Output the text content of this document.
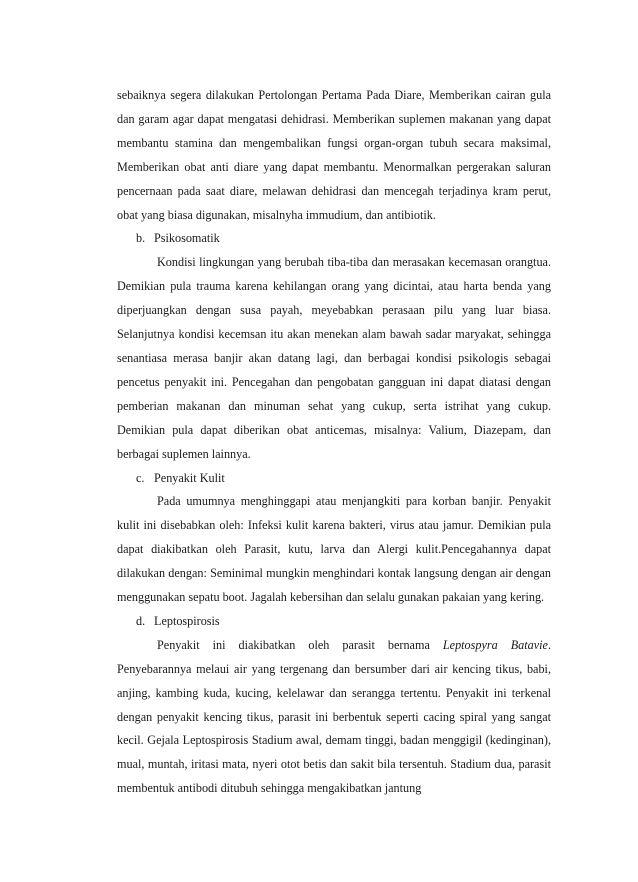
sebaiknya segera dilakukan Pertolongan Pertama Pada Diare, Memberikan cairan gula dan garam agar dapat mengatasi dehidrasi. Memberikan suplemen makanan yang dapat membantu stamina dan mengembalikan fungsi organ-organ tubuh secara maksimal, Memberikan obat anti diare yang dapat membantu. Menormalkan pergerakan saluran pencernaan pada saat diare, melawan dehidrasi dan mencegah terjadinya kram perut, obat yang biasa digunakan, misalnyha immudium, dan antibiotik.

b. Psikosomatik

Kondisi lingkungan yang berubah tiba-tiba dan merasakan kecemasan orangtua. Demikian pula trauma karena kehilangan orang yang dicintai, atau harta benda yang diperjuangkan dengan susa payah, meyebabkan perasaan pilu yang luar biasa. Selanjutnya kondisi kecemsan itu akan menekan alam bawah sadar maryakat, sehingga senantiasa merasa banjir akan datang lagi, dan berbagai kondisi psikologis sebagai pencetus penyakit ini. Pencegahan dan pengobatan gangguan ini dapat diatasi dengan pemberian makanan dan minuman sehat yang cukup, serta istrihat yang cukup. Demikian pula dapat diberikan obat anticemas, misalnya: Valium, Diazepam, dan berbagai suplemen lainnya.

c. Penyakit Kulit

Pada umumnya menghinggapi atau menjangkiti para korban banjir. Penyakit kulit ini disebabkan oleh: Infeksi kulit karena bakteri, virus atau jamur. Demikian pula dapat diakibatkan oleh Parasit, kutu, larva dan Alergi kulit.Pencegahannya dapat dilakukan dengan: Seminimal mungkin menghindari kontak langsung dengan air dengan menggunakan sepatu boot. Jagalah kebersihan dan selalu gunakan pakaian yang kering.

d. Leptospirosis

Penyakit ini diakibatkan oleh parasit bernama Leptospyra Batavie. Penyebarannya melaui air yang tergenang dan bersumber dari air kencing tikus, babi, anjing, kambing kuda, kucing, kelelawar dan serangga tertentu. Penyakit ini terkenal dengan penyakit kencing tikus, parasit ini berbentuk seperti cacing spiral yang sangat kecil. Gejala Leptospirosis Stadium awal, demam tinggi, badan menggigil (kedinginan), mual, muntah, iritasi mata, nyeri otot betis dan sakit bila tersentuh. Stadium dua, parasit membentuk antibodi ditubuh sehingga mengakibatkan jantung
